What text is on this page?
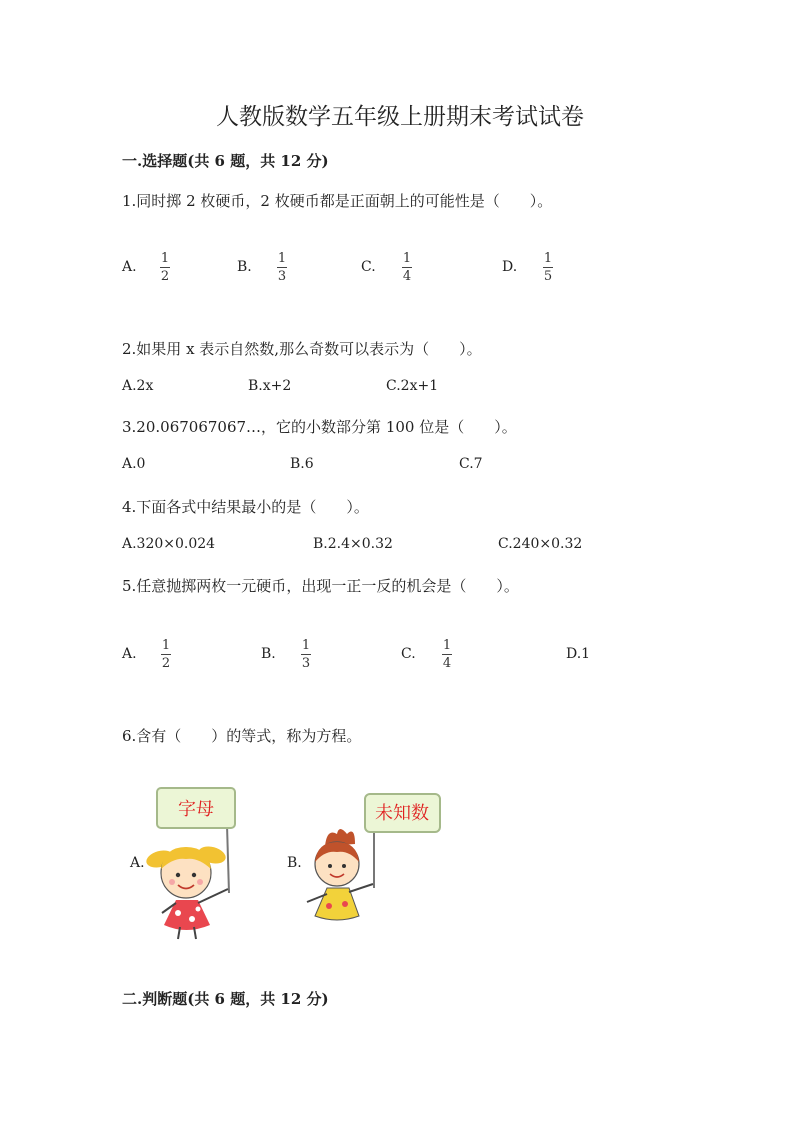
人教版数学五年级上册期末考试试卷
一.选择题(共 6 题，共 12 分)
1.同时掷 2 枚硬币，2 枚硬币都是正面朝上的可能性是（　　）。
A.
1
2
B.
1
3
C.
1
4
D.
1
5
2.如果用 x 表示自然数,那么奇数可以表示为（　　）。
A.2x	B.x+2	C.2x+1
3.20.067067067…，它的小数部分第 100 位是（　　）。
A.0	B.6	C.7
4.下面各式中结果最小的是（　　）。
A.320×0.024	B.2.4×0.32	C.240×0.32
5.任意抛掷两枚一元硬币，出现一正一反的机会是（　　）。
A.
1
2
B.
1
3
C.
1
4
D.1
6.含有（　　）的等式，称为方程。
A.	B.
字母	未知数
二.判断题(共 6 题，共 12 分)
